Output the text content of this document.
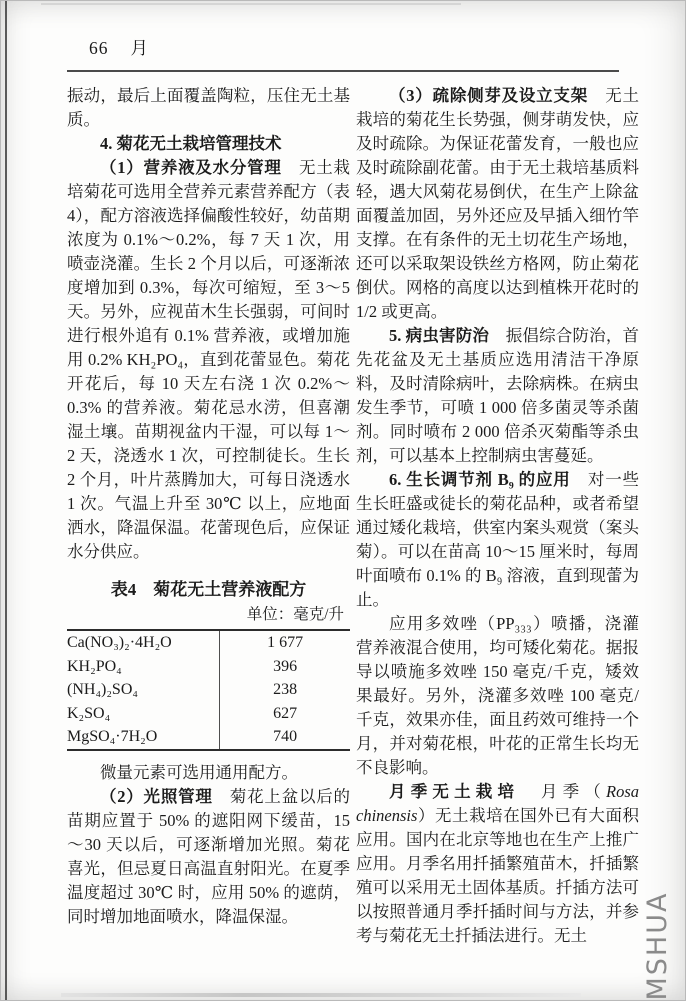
66 月

振动，最后上面覆盖陶粒，压住无土基质。

4. 菊花无土栽培管理技术

（1）营养液及水分管理　无土栽培菊花可选用全营养元素营养配方（表4），配方溶液选择偏酸性较好，幼苗期浓度为 0.1%～0.2%，每 7 天 1 次，用喷壶浇灌。生长 2 个月以后，可逐渐浓度增加到 0.3%，每次可缩短，至 3～5 天。另外，应视苗木生长强弱，可间时进行根外追有 0.1% 营养液，或增加施用 0.2% KH₂PO₄，直到花蕾显色。菊花开花后，每 10 天左右浇 1 次 0.2%～0.3% 的营养液。菊花忌水涝，但喜潮湿土壤。苗期视盆内干湿，可以每 1～2 天，浇透水 1 次，可控制徒长。生长 2 个月，叶片蒸腾加大，可每日浇透水 1 次。气温上升至 30℃ 以上，应地面洒水，降温保温。花蕾现色后，应保证水分供应。

表4　菊花无土营养液配方
单位：毫克/升
Ca(NO₃)₂·4H₂O	1 677
KH₂PO₄	396
(NH₄)₂SO₄	238
K₂SO₄	627
MgSO₄·7H₂O	740

微量元素可选用通用配方。

（2）光照管理　菊花上盆以后的苗期应置于 50% 的遮阳网下缓苗，15～30 天以后，可逐渐增加光照。菊花喜光，但忌夏日高温直射阳光。在夏季温度超过 30℃ 时，应用 50% 的遮荫，同时增加地面喷水，降温保湿。

（3）疏除侧芽及设立支架　无土栽培的菊花生长势强，侧芽萌发快，应及时疏除。为保证花蕾发育，一般也应及时疏除副花蕾。由于无土栽培基质料轻，遇大风菊花易倒伏，在生产上除盆面覆盖加固，另外还应及早插入细竹竿支撑。在有条件的无土切花生产场地，还可以采取架设铁丝方格网，防止菊花倒伏。网格的高度以达到植株开花时的 1/2 或更高。

5. 病虫害防治　振倡综合防治，首先花盆及无土基质应选用清洁干净原料，及时清除病叶，去除病株。在病虫发生季节，可喷 1 000 倍多菌灵等杀菌剂。同时喷布 2 000 倍杀灭菊酯等杀虫剂，可以基本上控制病虫害蔓延。

6. 生长调节剂 B₉ 的应用　对一些生长旺盛或徒长的菊花品种，或者希望通过矮化栽培，供室内案头观赏（案头菊）。可以在苗高 10～15 厘米时，每周叶面喷布 0.1% 的 B₉ 溶液，直到现蕾为止。

应用多效唑（PP₃₃₃）喷播，浇灌营养液混合使用，均可矮化菊花。据报导以喷施多效唑 150 毫克/千克，矮效果最好。另外，浇灌多效唑 100 毫克/千克，效果亦佳，面且药效可维持一个月，并对菊花根，叶花的正常生长均无不良影响。

月季无土栽培　月季（Rosa chinensis）无土栽培在国外已有大面积应用。国内在北京等地也在生产上推广应用。月季名用扦插繁殖苗木，扦插繁殖可以采用无土固体基质。扦插方法可以按照普通月季扦插时间与方法，并参考与菊花无土扦插法进行。无土	MSHUA
